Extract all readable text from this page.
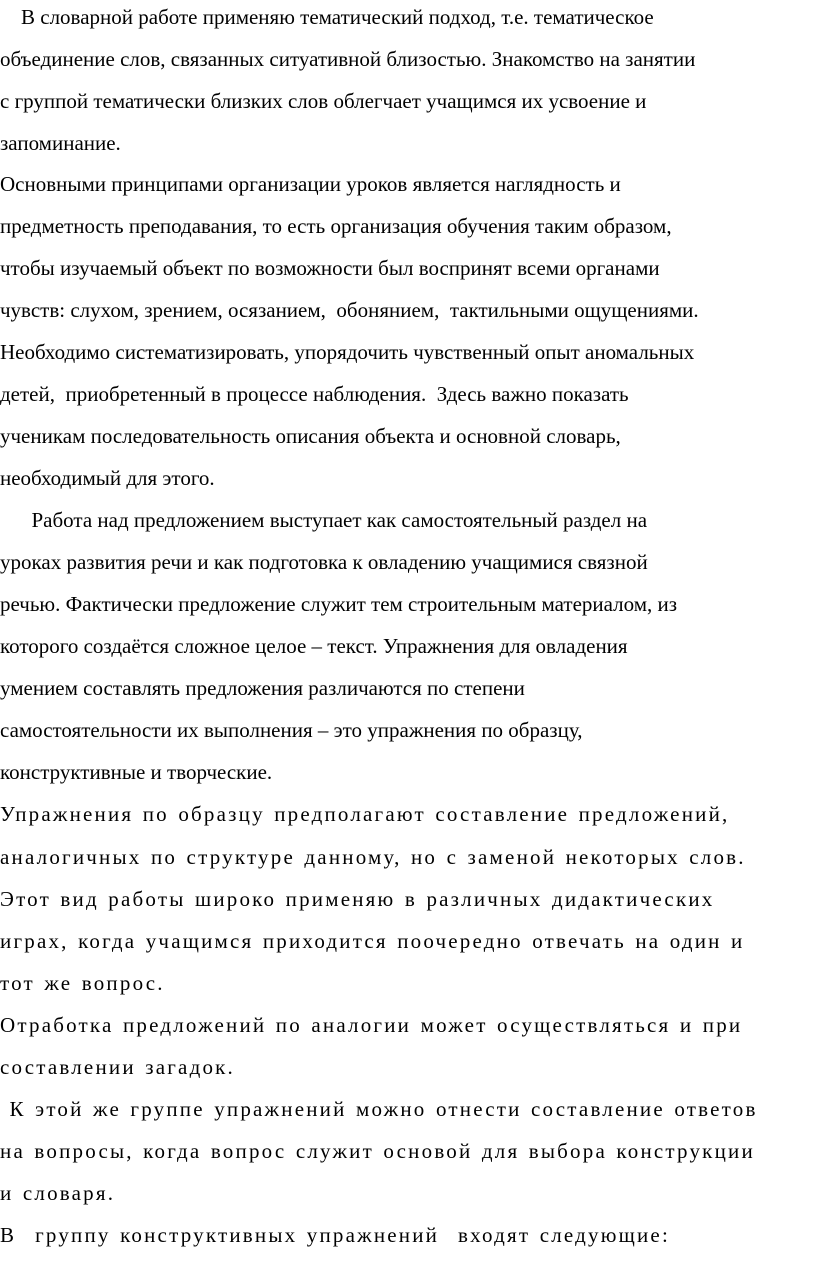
В словарной работе применяю тематический подход, т.е. тематическое
объединение слов, связанных ситуативной близостью. Знакомство на занятии
с группой тематически близких слов облегчает учащимся их усвоение и
запоминание.
Основными принципами организации уроков является наглядность и
предметность преподавания, то есть организация обучения таким образом,
чтобы изучаемый объект по возможности был воспринят всеми органами
чувств: слухом, зрением, осязанием,  обонянием,  тактильными ощущениями.
Необходимо систематизировать, упорядочить чувственный опыт аномальных
детей,  приобретенный в процессе наблюдения.  Здесь важно показать
ученикам последовательность описания объекта и основной словарь,
необходимый для этого.
Работа над предложением выступает как самостоятельный раздел на
уроках развития речи и как подготовка к овладению учащимися связной
речью. Фактически предложение служит тем строительным материалом, из
которого создаётся сложное целое – текст. Упражнения для овладения
умением составлять предложения различаются по степени
самостоятельности их выполнения – это упражнения по образцу,
конструктивные и творческие.
Упражнения по образцу предполагают составление предложений,
аналогичных по структуре данному, но с заменой некоторых слов.
Этот вид работы широко применяю в различных дидактических
играх, когда учащимся приходится поочередно отвечать на один и
тот же вопрос.
Отработка предложений по аналогии может осуществляться и при
составлении загадок.
К этой же группе упражнений можно отнести составление ответов
на вопросы, когда вопрос служит основой для выбора конструкции
и словаря.
В  группу конструктивных упражнений  входят следующие:
